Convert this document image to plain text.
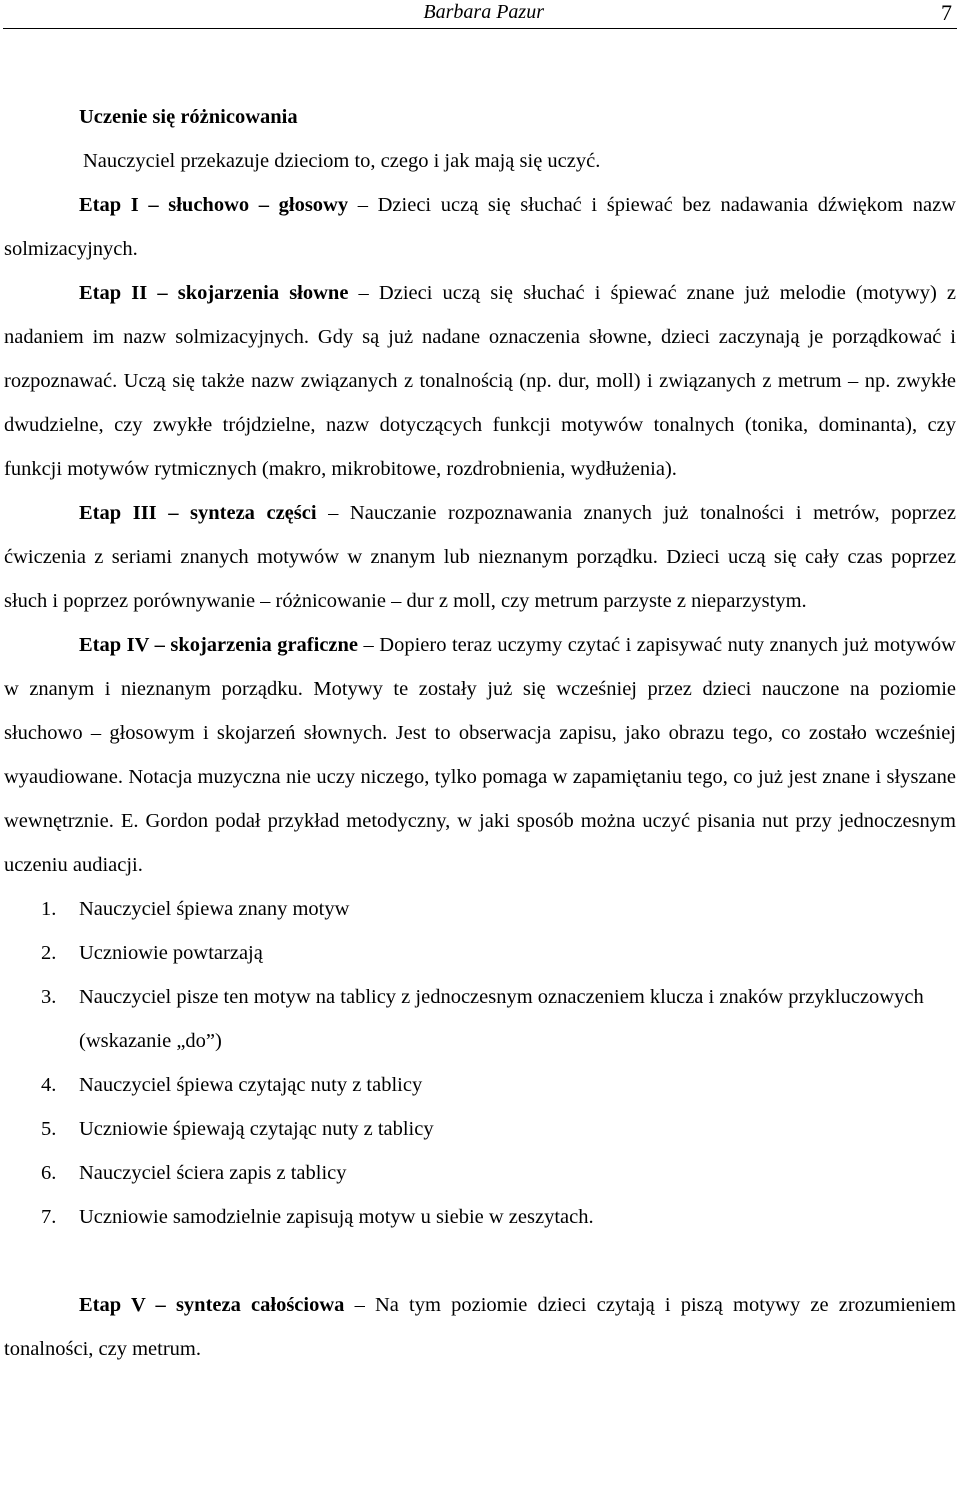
Barbara Pazur	7

Uczenie się różnicowania

Nauczyciel przekazuje dzieciom to, czego i jak mają się uczyć.

Etap I – słuchowo – głosowy – Dzieci uczą się słuchać i śpiewać bez nadawania dźwiękom nazw solmizacyjnych.

Etap II – skojarzenia słowne – Dzieci uczą się słuchać i śpiewać znane już melodie (motywy) z nadaniem im nazw solmizacyjnych. Gdy są już nadane oznaczenia słowne, dzieci zaczynają je porządkować i rozpoznawać. Uczą się także nazw związanych z tonalnością (np. dur, moll) i związanych z metrum – np. zwykłe dwudzielne, czy zwykłe trójdzielne, nazw dotyczących funkcji motywów tonalnych (tonika, dominanta), czy funkcji motywów rytmicznych (makro, mikrobitowe, rozdrobnienia, wydłużenia).

Etap III – synteza części – Nauczanie rozpoznawania znanych już tonalności i metrów, poprzez ćwiczenia z seriami znanych motywów w znanym lub nieznanym porządku. Dzieci uczą się cały czas poprzez słuch i poprzez porównywanie – różnicowanie – dur z moll, czy metrum parzyste z nieparzystym.

Etap IV – skojarzenia graficzne – Dopiero teraz uczymy czytać i zapisywać nuty znanych już motywów w znanym i nieznanym porządku. Motywy te zostały już się wcześniej przez dzieci nauczone na poziomie słuchowo – głosowym i skojarzeń słownych. Jest to obserwacja zapisu, jako obrazu tego, co zostało wcześniej wyaudiowane. Notacja muzyczna nie uczy niczego, tylko pomaga w zapamiętaniu tego, co już jest znane i słyszane wewnętrznie. E. Gordon podał przykład metodyczny, w jaki sposób można uczyć pisania nut przy jednoczesnym uczeniu audiacji.

1.	Nauczyciel śpiewa znany motyw
2.	Uczniowie powtarzają
3.	Nauczyciel pisze ten motyw na tablicy z jednoczesnym oznaczeniem klucza i znaków przykluczowych (wskazanie „do”)
4.	Nauczyciel śpiewa czytając nuty z tablicy
5.	Uczniowie śpiewają czytając nuty z tablicy
6.	Nauczyciel ściera zapis z tablicy
7.	Uczniowie samodzielnie zapisują motyw u siebie w zeszytach.

Etap V – synteza całościowa – Na tym poziomie dzieci czytają i piszą motywy ze zrozumieniem tonalności, czy metrum.
